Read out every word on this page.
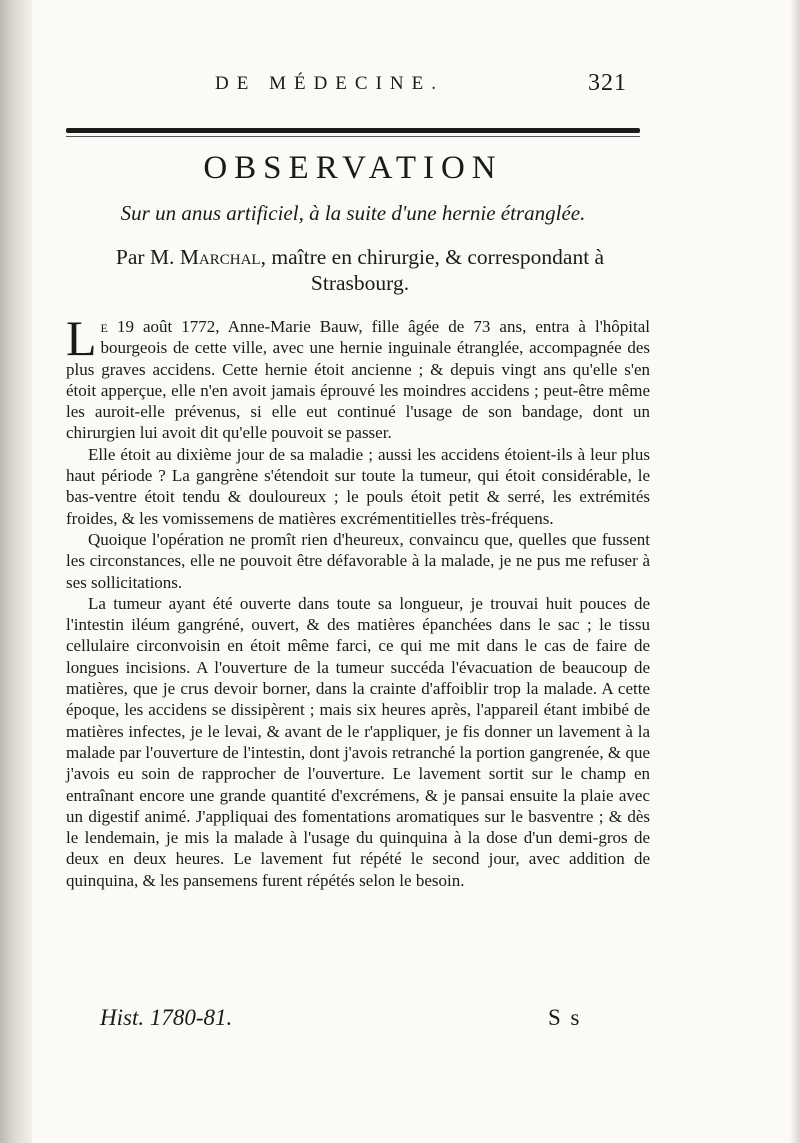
DE MÉDECINE.	321
OBSERVATION
Sur un anus artificiel, à la suite d'une hernie étranglée.
Par M. Marchal, maître en chirurgie, & correspondant à Strasbourg.

Le 19 août 1772, Anne-Marie Bauw, fille âgée de 73 ans, entra à l'hôpital bourgeois de cette ville, avec une hernie inguinale étranglée, accompagnée des plus graves accidens. Cette hernie étoit ancienne ; & depuis vingt ans qu'elle s'en étoit apperçue, elle n'en avoit jamais éprouvé les moindres accidens ; peut-être même les auroit-elle prévenus, si elle eut continué l'usage de son bandage, dont un chirurgien lui avoit dit qu'elle pouvoit se passer.

Elle étoit au dixième jour de sa maladie ; aussi les accidens étoient-ils à leur plus haut période ? La gangrène s'étendoit sur toute la tumeur, qui étoit considérable, le bas-ventre étoit tendu & douloureux ; le pouls étoit petit & serré, les extrémités froides, & les vomissemens de matières excrémentitielles très-fréquens.

Quoique l'opération ne promît rien d'heureux, convaincu que, quelles que fussent les circonstances, elle ne pouvoit être défavorable à la malade, je ne pus me refuser à ses sollicitations.

La tumeur ayant été ouverte dans toute sa longueur, je trouvai huit pouces de l'intestin iléum gangréné, ouvert, & des matières épanchées dans le sac ; le tissu cellulaire circonvoisin en étoit même farci, ce qui me mit dans le cas de faire de longues incisions. A l'ouverture de la tumeur succéda l'évacuation de beaucoup de matières, que je crus devoir borner, dans la crainte d'affoiblir trop la malade. A cette époque, les accidens se dissipèrent ; mais six heures après, l'appareil étant imbibé de matières infectes, je le levai, & avant de le r'appliquer, je fis donner un lavement à la malade par l'ouverture de l'intestin, dont j'avois retranché la portion gangrenée, & que j'avois eu soin de rapprocher de l'ouverture. Le lavement sortit sur le champ en entraînant encore une grande quantité d'excrémens, & je pansai ensuite la plaie avec un digestif animé. J'appliquai des fomentations aromatiques sur le basventre ; & dès le lendemain, je mis la malade à l'usage du quinquina à la dose d'un demi-gros de deux en deux heures. Le lavement fut répété le second jour, avec addition de quinquina, & les pansemens furent répétés selon le besoin.

Hist. 1780-81.	S s
